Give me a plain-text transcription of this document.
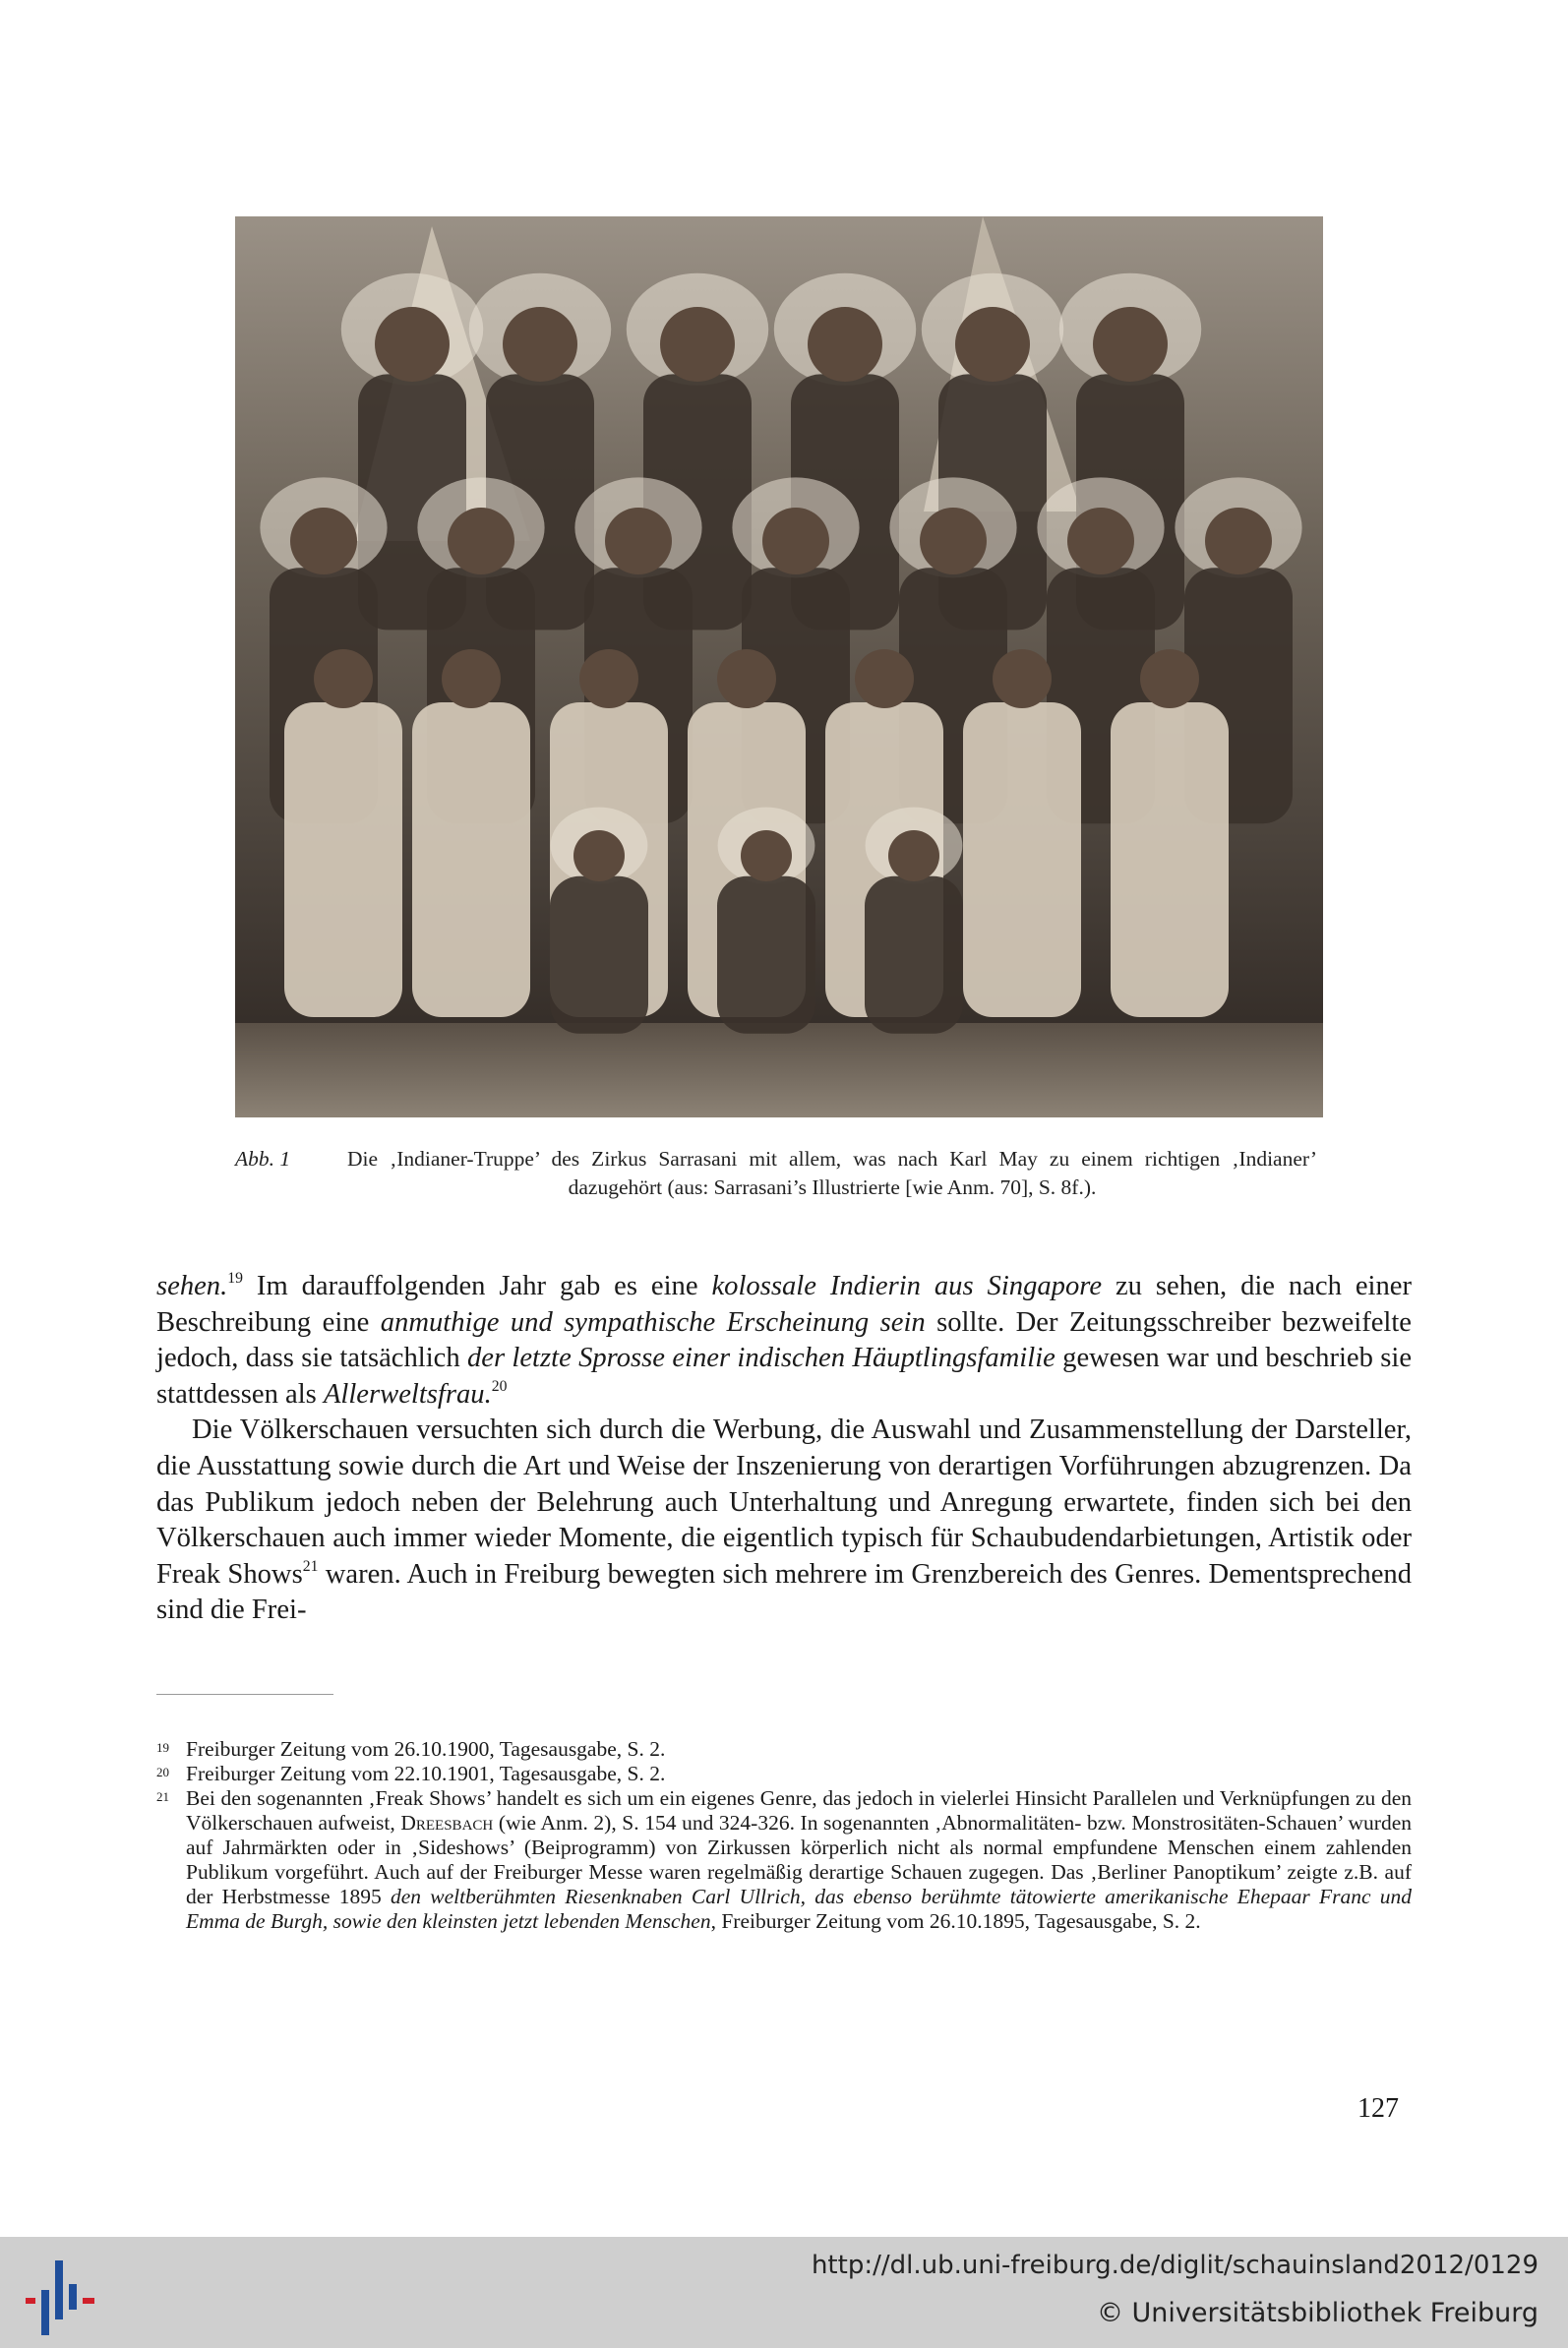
Abb. 1	Die ‚Indianer-Truppe’ des Zirkus Sarrasani mit allem, was nach Karl May zu einem richtigen ‚Indianer’ dazugehört (aus: Sarrasani’s Illustrierte [wie Anm. 70], S. 8f.).

sehen.$^{19}$ Im darauffolgenden Jahr gab es eine kolossale Indierin aus Singapore zu sehen, die nach einer Beschreibung eine anmuthige und sympathische Erscheinung sein sollte. Der Zeitungsschreiber bezweifelte jedoch, dass sie tatsächlich der letzte Sprosse einer indischen Häuptlingsfamilie gewesen war und beschrieb sie stattdessen als Allerweltsfrau.$^{20}$

Die Völkerschauen versuchten sich durch die Werbung, die Auswahl und Zusammenstellung der Darsteller, die Ausstattung sowie durch die Art und Weise der Inszenierung von derartigen Vorführungen abzugrenzen. Da das Publikum jedoch neben der Belehrung auch Unterhaltung und Anregung erwartete, finden sich bei den Völkerschauen auch immer wieder Momente, die eigentlich typisch für Schaubudendarbietungen, Artistik oder Freak Shows$^{21}$ waren. Auch in Freiburg bewegten sich mehrere im Grenzbereich des Genres. Dementsprechend sind die Frei-

19 Freiburger Zeitung vom 26.10.1900, Tagesausgabe, S. 2.
20 Freiburger Zeitung vom 22.10.1901, Tagesausgabe, S. 2.
21 Bei den sogenannten ‚Freak Shows’ handelt es sich um ein eigenes Genre, das jedoch in vielerlei Hinsicht Parallelen und Verknüpfungen zu den Völkerschauen aufweist, Dreesbach (wie Anm. 2), S. 154 und 324-326. In sogenannten ‚Abnormalitäten- bzw. Monstrositäten-Schauen’ wurden auf Jahrmärkten oder in ‚Sideshows’ (Beiprogramm) von Zirkussen körperlich nicht als normal empfundene Menschen einem zahlenden Publikum vorgeführt. Auch auf der Freiburger Messe waren regelmäßig derartige Schauen zugegen. Das ‚Berliner Panoptikum’ zeigte z.B. auf der Herbstmesse 1895 den weltberühmten Riesenknaben Carl Ullrich, das ebenso berühmte tätowierte amerikanische Ehepaar Franc und Emma de Burgh, sowie den kleinsten jetzt lebenden Menschen, Freiburger Zeitung vom 26.10.1895, Tagesausgabe, S. 2.
127
http://dl.ub.uni-freiburg.de/diglit/schauinsland2012/0129
© Universitätsbibliothek Freiburg
